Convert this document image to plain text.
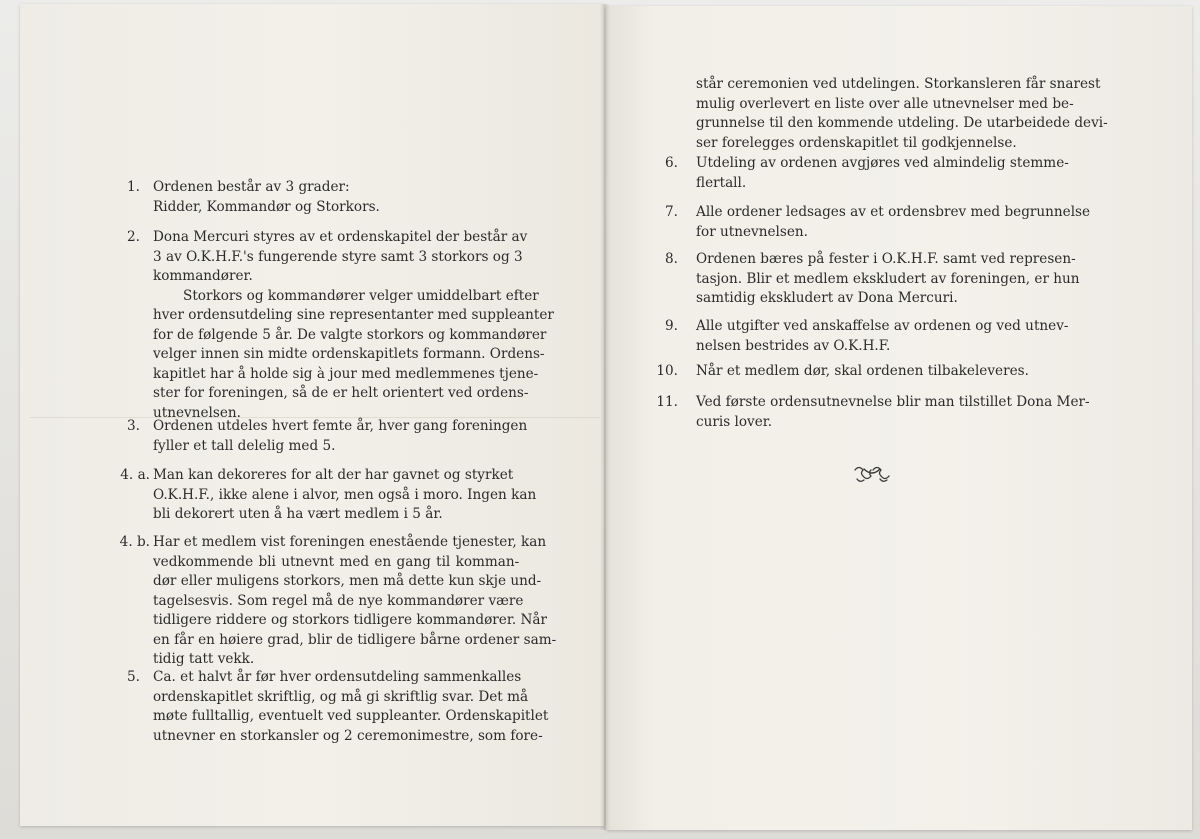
1. Ordenen består av 3 grader:
Ridder, Kommandør og Storkors.
2. Dona Mercuri styres av et ordenskapitel der består av
3 av O.K.H.F.'s fungerende styre samt 3 storkors og 3
kommandører.
Storkors og kommandører velger umiddelbart efter
hver ordensutdeling sine representanter med suppleanter
for de følgende 5 år. De valgte storkors og kommandører
velger innen sin midte ordenskapitlets formann. Ordens-
kapitlet har å holde sig à jour med medlemmenes tjene-
ster for foreningen, så de er helt orientert ved ordens-
utnevnelsen.
3. Ordenen utdeles hvert femte år, hver gang foreningen
fyller et tall delelig med 5.
4. a. Man kan dekoreres for alt der har gavnet og styrket
O.K.H.F., ikke alene i alvor, men også i moro. Ingen kan
bli dekorert uten å ha vært medlem i 5 år.
4. b. Har et medlem vist foreningen enestående tjenester, kan
vedkommende bli utnevnt med en gang til komman-
dør eller muligens storkors, men må dette kun skje und-
tagelsesvis. Som regel må de nye kommandører være
tidligere riddere og storkors tidligere kommandører. Når
en får en høiere grad, blir de tidligere bårne ordener sam-
tidig tatt vekk.
5. Ca. et halvt år før hver ordensutdeling sammenkalles
ordenskapitlet skriftlig, og må gi skriftlig svar. Det må
møte fulltallig, eventuelt ved suppleanter. Ordenskapitlet
utnevner en storkansler og 2 ceremonimestre, som fore-
står ceremonien ved utdelingen. Storkansleren får snarest
mulig overlevert en liste over alle utnevnelser med be-
grunnelse til den kommende utdeling. De utarbeidede devi-
ser forelegges ordenskapitlet til godkjennelse.
6. Utdeling av ordenen avgjøres ved almindelig stemme-
flertall.
7. Alle ordener ledsages av et ordensbrev med begrunnelse
for utnevnelsen.
8. Ordenen bæres på fester i O.K.H.F. samt ved represen-
tasjon. Blir et medlem ekskludert av foreningen, er hun
samtidig ekskludert av Dona Mercuri.
9. Alle utgifter ved anskaffelse av ordenen og ved utnev-
nelsen bestrides av O.K.H.F.
10. Når et medlem dør, skal ordenen tilbakeleveres.
11. Ved første ordensutnevnelse blir man tilstillet Dona Mer-
curis lover.
